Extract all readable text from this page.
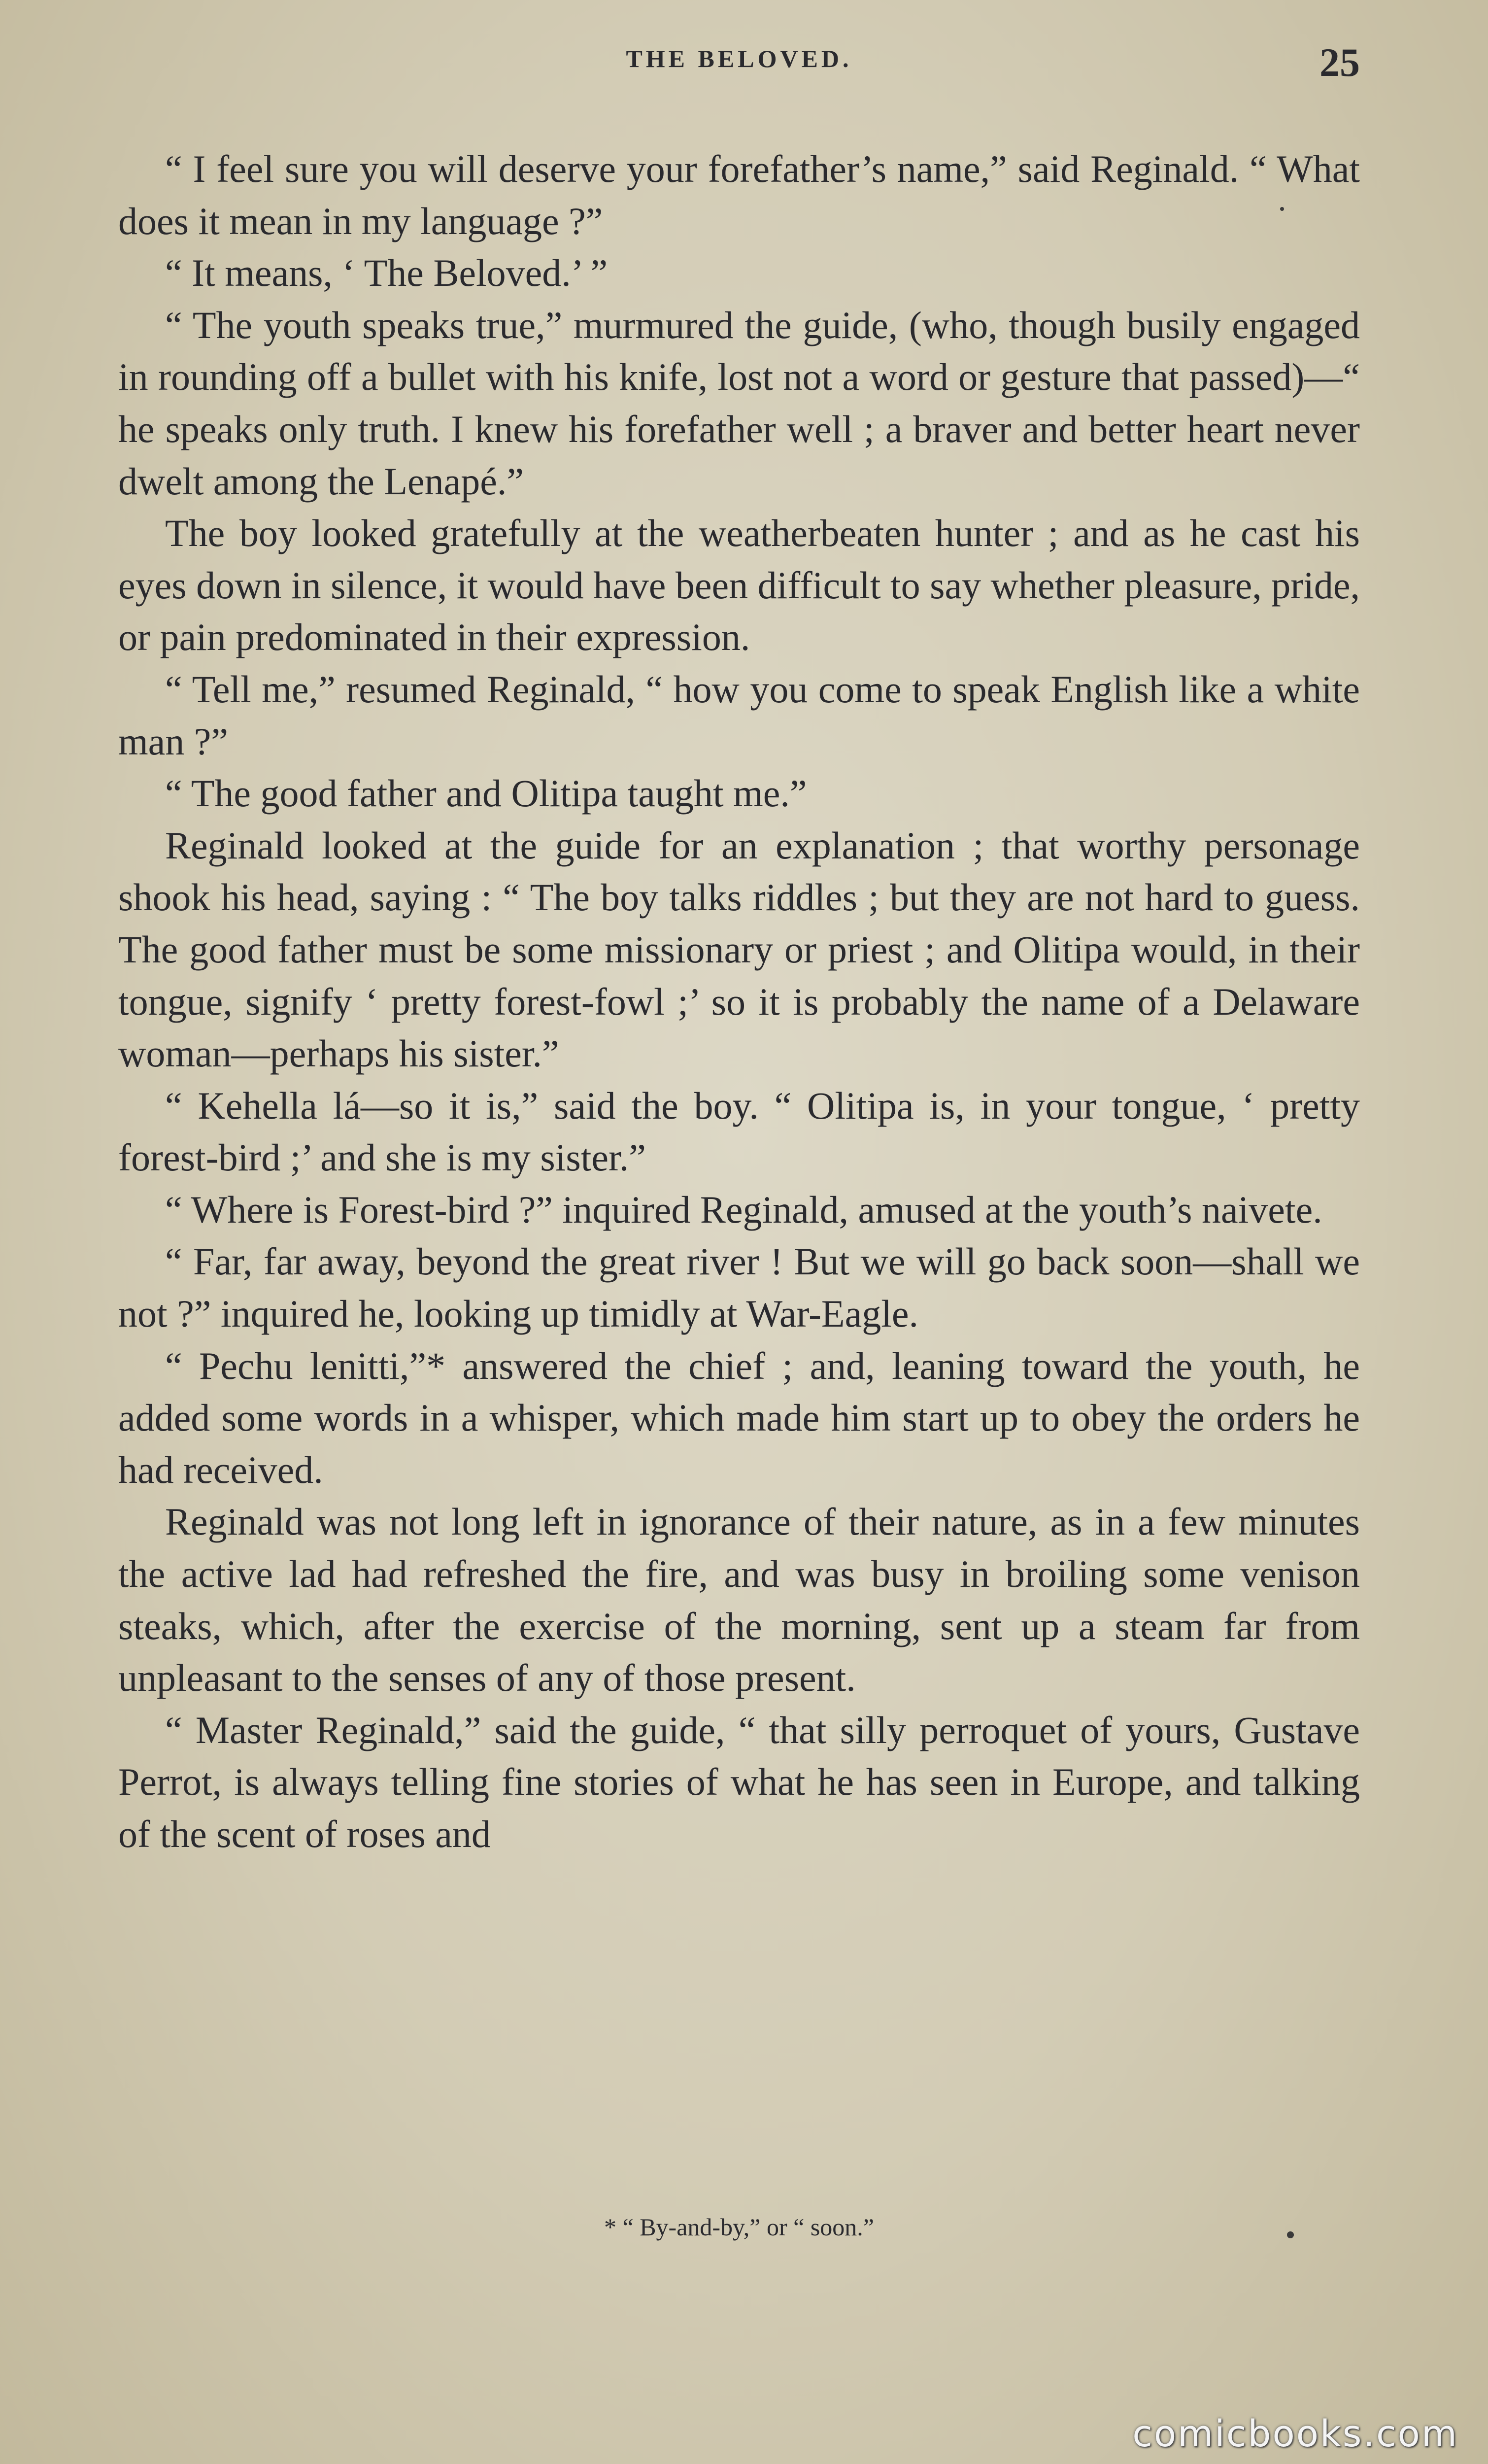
THE BELOVED.	25

“ I feel sure you will deserve your forefather’s name,” said Reginald. “ What does it mean in my language ?”

“ It means, ‘ The Beloved.’ ”

“ The youth speaks true,” murmured the guide, (who, though busily engaged in rounding off a bullet with his knife, lost not a word or gesture that passed)—“ he speaks only truth. I knew his forefather well ; a braver and better heart never dwelt among the Lenapé.”

The boy looked gratefully at the weatherbeaten hunter ; and as he cast his eyes down in silence, it would have been difficult to say whether pleasure, pride, or pain predominated in their expression.

“ Tell me,” resumed Reginald, “ how you come to speak English like a white man ?”

“ The good father and Olitipa taught me.”

Reginald looked at the guide for an explanation ; that worthy personage shook his head, saying : “ The boy talks riddles ; but they are not hard to guess. The good father must be some missionary or priest ; and Olitipa would, in their tongue, signify ‘ pretty forest-fowl ;’ so it is probably the name of a Delaware woman—perhaps his sister.”

“ Kehella lá—so it is,” said the boy. “ Olitipa is, in your tongue, ‘ pretty forest-bird ;’ and she is my sister.”

“ Where is Forest-bird ?” inquired Reginald, amused at the youth’s naivete.

“ Far, far away, beyond the great river ! But we will go back soon—shall we not ?” inquired he, looking up timidly at War-Eagle.

“ Pechu lenitti,”* answered the chief ; and, leaning toward the youth, he added some words in a whisper, which made him start up to obey the orders he had received.

Reginald was not long left in ignorance of their nature, as in a few minutes the active lad had refreshed the fire, and was busy in broiling some venison steaks, which, after the exercise of the morning, sent up a steam far from unpleasant to the senses of any of those present.

“ Master Reginald,” said the guide, “ that silly perroquet of yours, Gustave Perrot, is always telling fine stories of what he has seen in Europe, and talking of the scent of roses and

* “ By-and-by,” or “ soon.”
comicbooks.com
